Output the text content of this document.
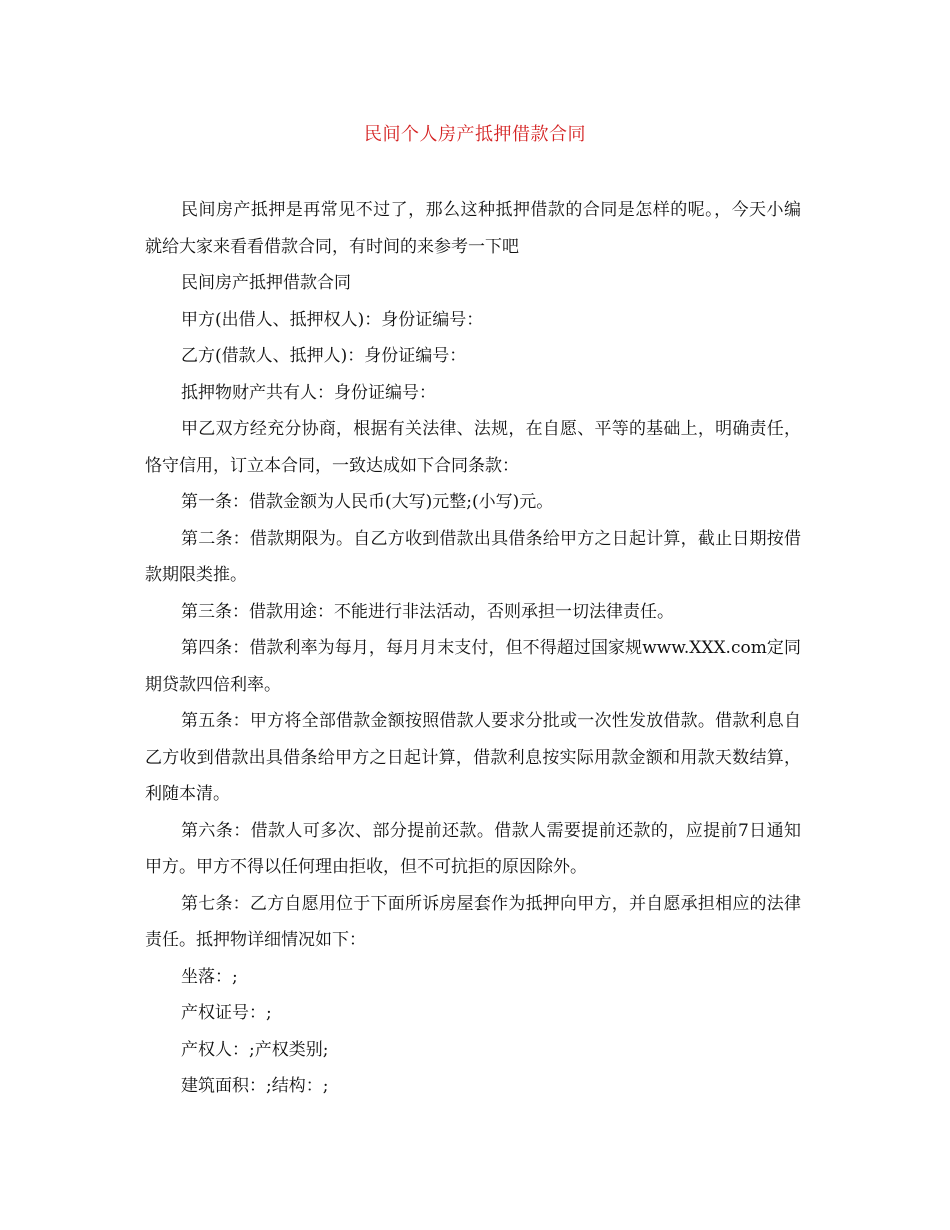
民间个人房产抵押借款合同

民间房产抵押是再常见不过了，那么这种抵押借款的合同是怎样的呢。，今天小编就给大家来看看借款合同，有时间的来参考一下吧

民间房产抵押借款合同

甲方(出借人、抵押权人)：身份证编号：

乙方(借款人、抵押人)：身份证编号：

抵押物财产共有人：身份证编号：

甲乙双方经充分协商，根据有关法律、法规，在自愿、平等的基础上，明确责任，恪守信用，订立本合同，一致达成如下合同条款：

第一条：借款金额为人民币(大写)元整;(小写)元。

第二条：借款期限为。自乙方收到借款出具借条给甲方之日起计算，截止日期按借款期限类推。

第三条：借款用途：不能进行非法活动，否则承担一切法律责任。

第四条：借款利率为每月，每月月末支付，但不得超过国家规www.XXX.com定同期贷款四倍利率。

第五条：甲方将全部借款金额按照借款人要求分批或一次性发放借款。借款利息自乙方收到借款出具借条给甲方之日起计算，借款利息按实际用款金额和用款天数结算，利随本清。

第六条：借款人可多次、部分提前还款。借款人需要提前还款的，应提前7日通知甲方。甲方不得以任何理由拒收，但不可抗拒的原因除外。

第七条：乙方自愿用位于下面所诉房屋套作为抵押向甲方，并自愿承担相应的法律责任。抵押物详细情况如下：

坐落：;

产权证号：;

产权人：;产权类别;

建筑面积：;结构：;
